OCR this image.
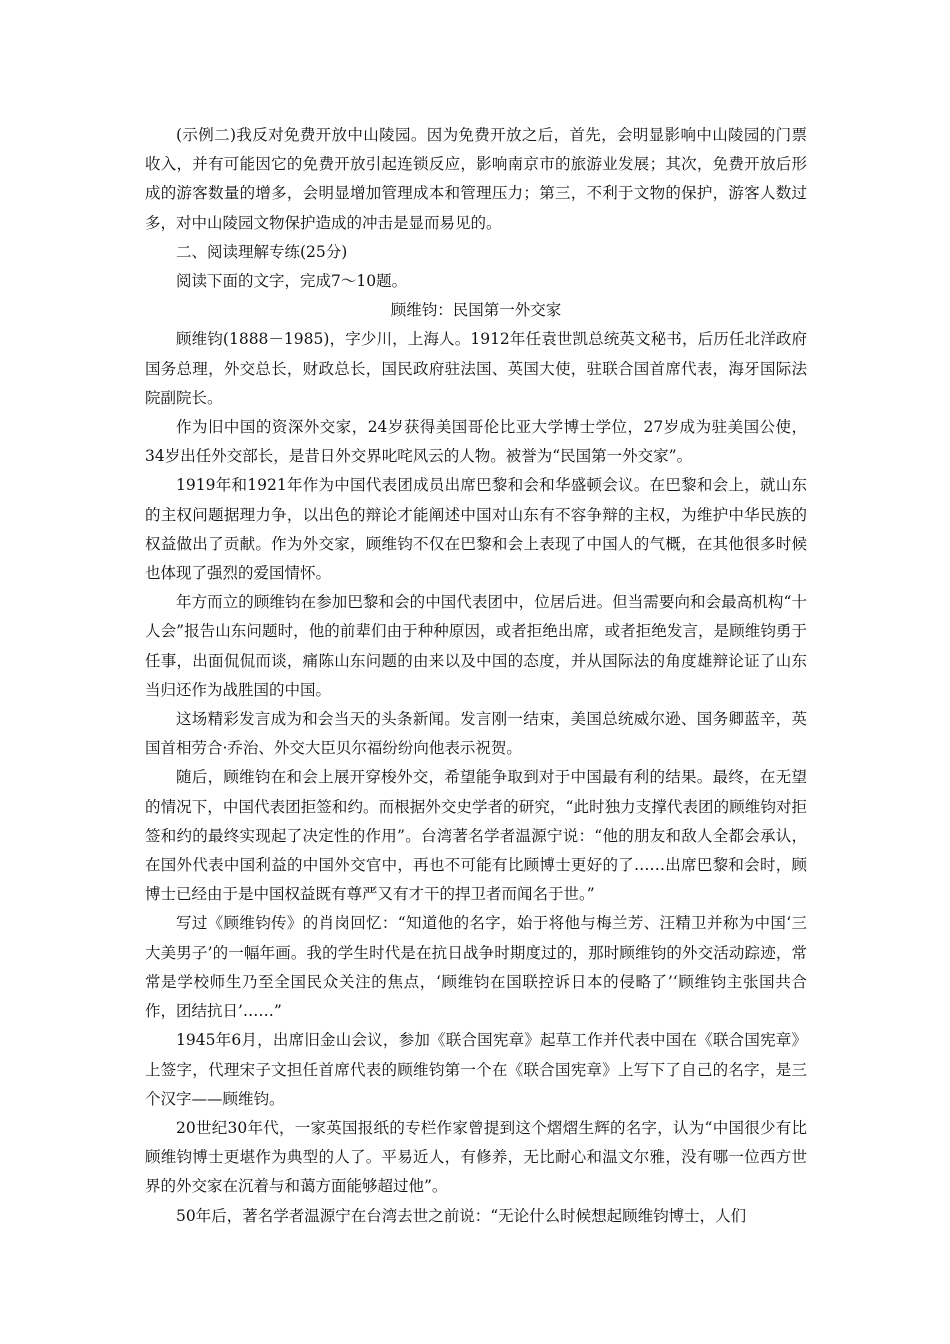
(示例二)我反对免费开放中山陵园。因为免费开放之后，首先，会明显影响中山陵园的门票收入，并有可能因它的免费开放引起连锁反应，影响南京市的旅游业发展；其次，免费开放后形成的游客数量的增多，会明显增加管理成本和管理压力；第三，不利于文物的保护，游客人数过多，对中山陵园文物保护造成的冲击是显而易见的。

二、阅读理解专练(25分)

阅读下面的文字，完成7～10题。

顾维钧：民国第一外交家

顾维钧(1888－1985)，字少川，上海人。1912年任袁世凯总统英文秘书，后历任北洋政府国务总理，外交总长，财政总长，国民政府驻法国、英国大使，驻联合国首席代表，海牙国际法院副院长。

作为旧中国的资深外交家，24岁获得美国哥伦比亚大学博士学位，27岁成为驻美国公使，34岁出任外交部长，是昔日外交界叱咤风云的人物。被誉为“民国第一外交家”。

1919年和1921年作为中国代表团成员出席巴黎和会和华盛顿会议。在巴黎和会上，就山东的主权问题据理力争，以出色的辩论才能阐述中国对山东有不容争辩的主权，为维护中华民族的权益做出了贡献。作为外交家，顾维钧不仅在巴黎和会上表现了中国人的气概，在其他很多时候也体现了强烈的爱国情怀。

年方而立的顾维钧在参加巴黎和会的中国代表团中，位居后进。但当需要向和会最高机构“十人会”报告山东问题时，他的前辈们由于种种原因，或者拒绝出席，或者拒绝发言，是顾维钧勇于任事，出面侃侃而谈，痛陈山东问题的由来以及中国的态度，并从国际法的角度雄辩论证了山东当归还作为战胜国的中国。

这场精彩发言成为和会当天的头条新闻。发言刚一结束，美国总统威尔逊、国务卿蓝辛，英国首相劳合·乔治、外交大臣贝尔福纷纷向他表示祝贺。

随后，顾维钧在和会上展开穿梭外交，希望能争取到对于中国最有利的结果。最终，在无望的情况下，中国代表团拒签和约。而根据外交史学者的研究，“此时独力支撑代表团的顾维钧对拒签和约的最终实现起了决定性的作用”。台湾著名学者温源宁说：“他的朋友和敌人全都会承认，在国外代表中国利益的中国外交官中，再也不可能有比顾博士更好的了……出席巴黎和会时，顾博士已经由于是中国权益既有尊严又有才干的捍卫者而闻名于世。”

写过《顾维钧传》的肖岗回忆：“知道他的名字，始于将他与梅兰芳、汪精卫并称为中国‘三大美男子’的一幅年画。我的学生时代是在抗日战争时期度过的，那时顾维钧的外交活动踪迹，常常是学校师生乃至全国民众关注的焦点，‘顾维钧在国联控诉日本的侵略了’‘顾维钧主张国共合作，团结抗日’……”

1945年6月，出席旧金山会议，参加《联合国宪章》起草工作并代表中国在《联合国宪章》上签字，代理宋子文担任首席代表的顾维钧第一个在《联合国宪章》上写下了自己的名字，是三个汉字——顾维钧。

20世纪30年代，一家英国报纸的专栏作家曾提到这个熠熠生辉的名字，认为“中国很少有比顾维钧博士更堪作为典型的人了。平易近人，有修养，无比耐心和温文尔雅，没有哪一位西方世界的外交家在沉着与和蔼方面能够超过他”。

50年后，著名学者温源宁在台湾去世之前说：“无论什么时候想起顾维钧博士，人们
